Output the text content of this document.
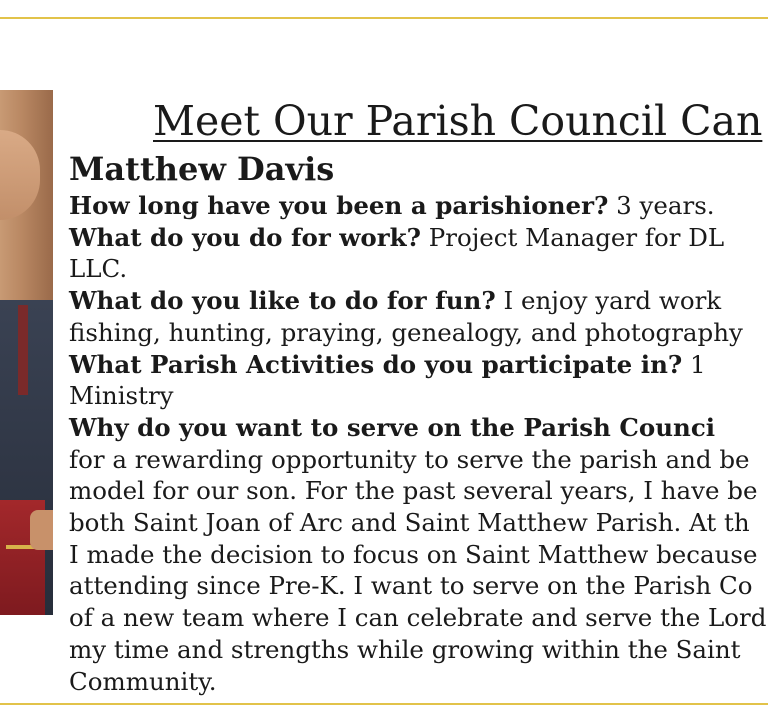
Meet Our Parish Council Can
Matthew Davis

How long have you been a parishioner? 3 years.

What do you do for work? Project Manager for DL

LLC.

What do you like to do for fun? I enjoy yard work

fishing, hunting, praying, genealogy, and photography

What Parish Activities do you participate in? 1

Ministry

Why do you want to serve on the Parish Counci

for a rewarding opportunity to serve the parish and be

model for our son. For the past several years, I have be

both Saint Joan of Arc and Saint Matthew Parish. At th

I made the decision to focus on Saint Matthew because

attending since Pre-K. I want to serve on the Parish Co

of a new team where I can celebrate and serve the Lord

my time and strengths while growing within the Saint

Community.
